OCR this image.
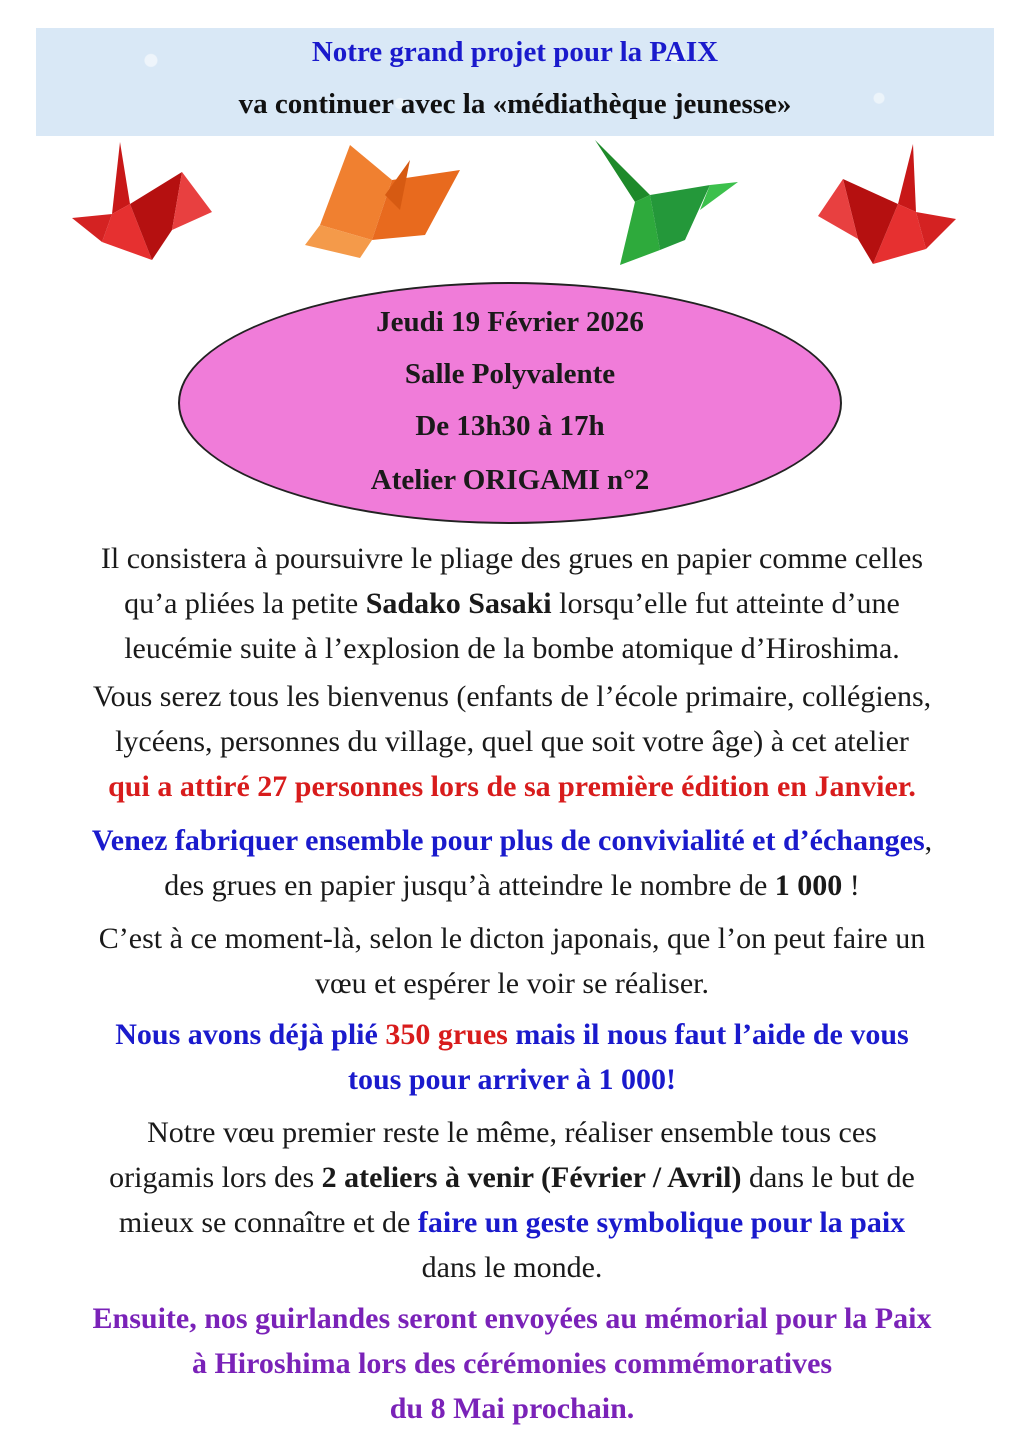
Notre grand projet pour la PAIX
va continuer avec la «médiathèque jeunesse»
Jeudi 19 Février 2026
Salle Polyvalente
De 13h30 à 17h
Atelier ORIGAMI n°2

Il consistera à poursuivre le pliage des grues en papier comme celles
qu’a pliées la petite Sadako Sasaki lorsqu’elle fut atteinte d’une
leucémie suite à l’explosion de la bombe atomique d’Hiroshima.

Vous serez tous les bienvenus (enfants de l’école primaire, collégiens,
lycéens, personnes du village, quel que soit votre âge) à cet atelier
qui a attiré 27 personnes lors de sa première édition en Janvier.

Venez fabriquer ensemble pour plus de convivialité et d’échanges,
des grues en papier jusqu’à atteindre le nombre de 1 000 !

C’est à ce moment-là, selon le dicton japonais, que l’on peut faire un
vœu et espérer le voir se réaliser.

Nous avons déjà plié 350 grues mais il nous faut l’aide de vous
tous pour arriver à 1 000!

Notre vœu premier reste le même, réaliser ensemble tous ces
origamis lors des 2 ateliers à venir (Février / Avril) dans le but de
mieux se connaître et de faire un geste symbolique pour la paix
dans le monde.

Ensuite, nos guirlandes seront envoyées au mémorial pour la Paix
à Hiroshima lors des cérémonies commémoratives
du 8 Mai prochain.
